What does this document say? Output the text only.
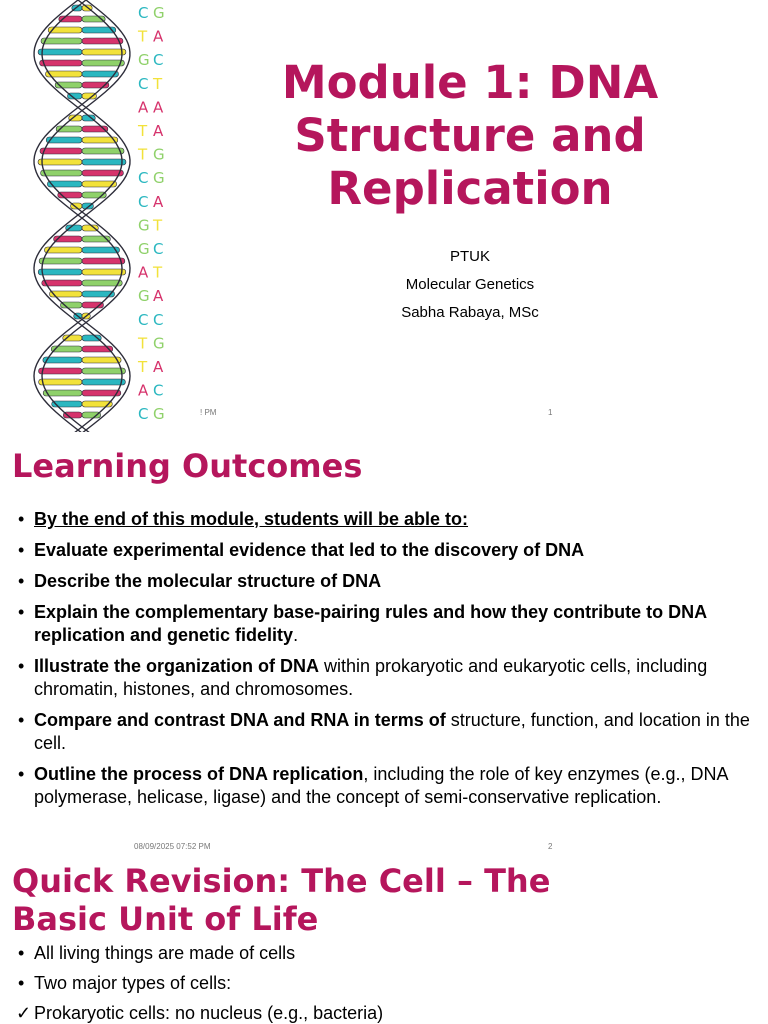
C G
T A
G C
C T
A A
T A
T G
C G
C A
G T
G C
A T
G A
C C
T G
T A
A C
C G
Module 1: DNA
Structure and
Replication
PTUK
Molecular Genetics
Sabha Rabaya, MSc
! PM	1
Learning Outcomes
• By the end of this module, students will be able to:
• Evaluate experimental evidence that led to the discovery of DNA
• Describe the molecular structure of DNA
• Explain the complementary base-pairing rules and how they contribute to DNA replication and genetic fidelity.
• Illustrate the organization of DNA within prokaryotic and eukaryotic cells, including chromatin, histones, and chromosomes.
• Compare and contrast DNA and RNA in terms of structure, function, and location in the cell.
• Outline the process of DNA replication, including the role of key enzymes (e.g., DNA polymerase, helicase, ligase) and the concept of semi-conservative replication.
08/09/2025 07:52 PM	2
Quick Revision: The Cell – The
Basic Unit of Life
• All living things are made of cells
• Two major types of cells:
✓ Prokaryotic cells: no nucleus (e.g., bacteria)
